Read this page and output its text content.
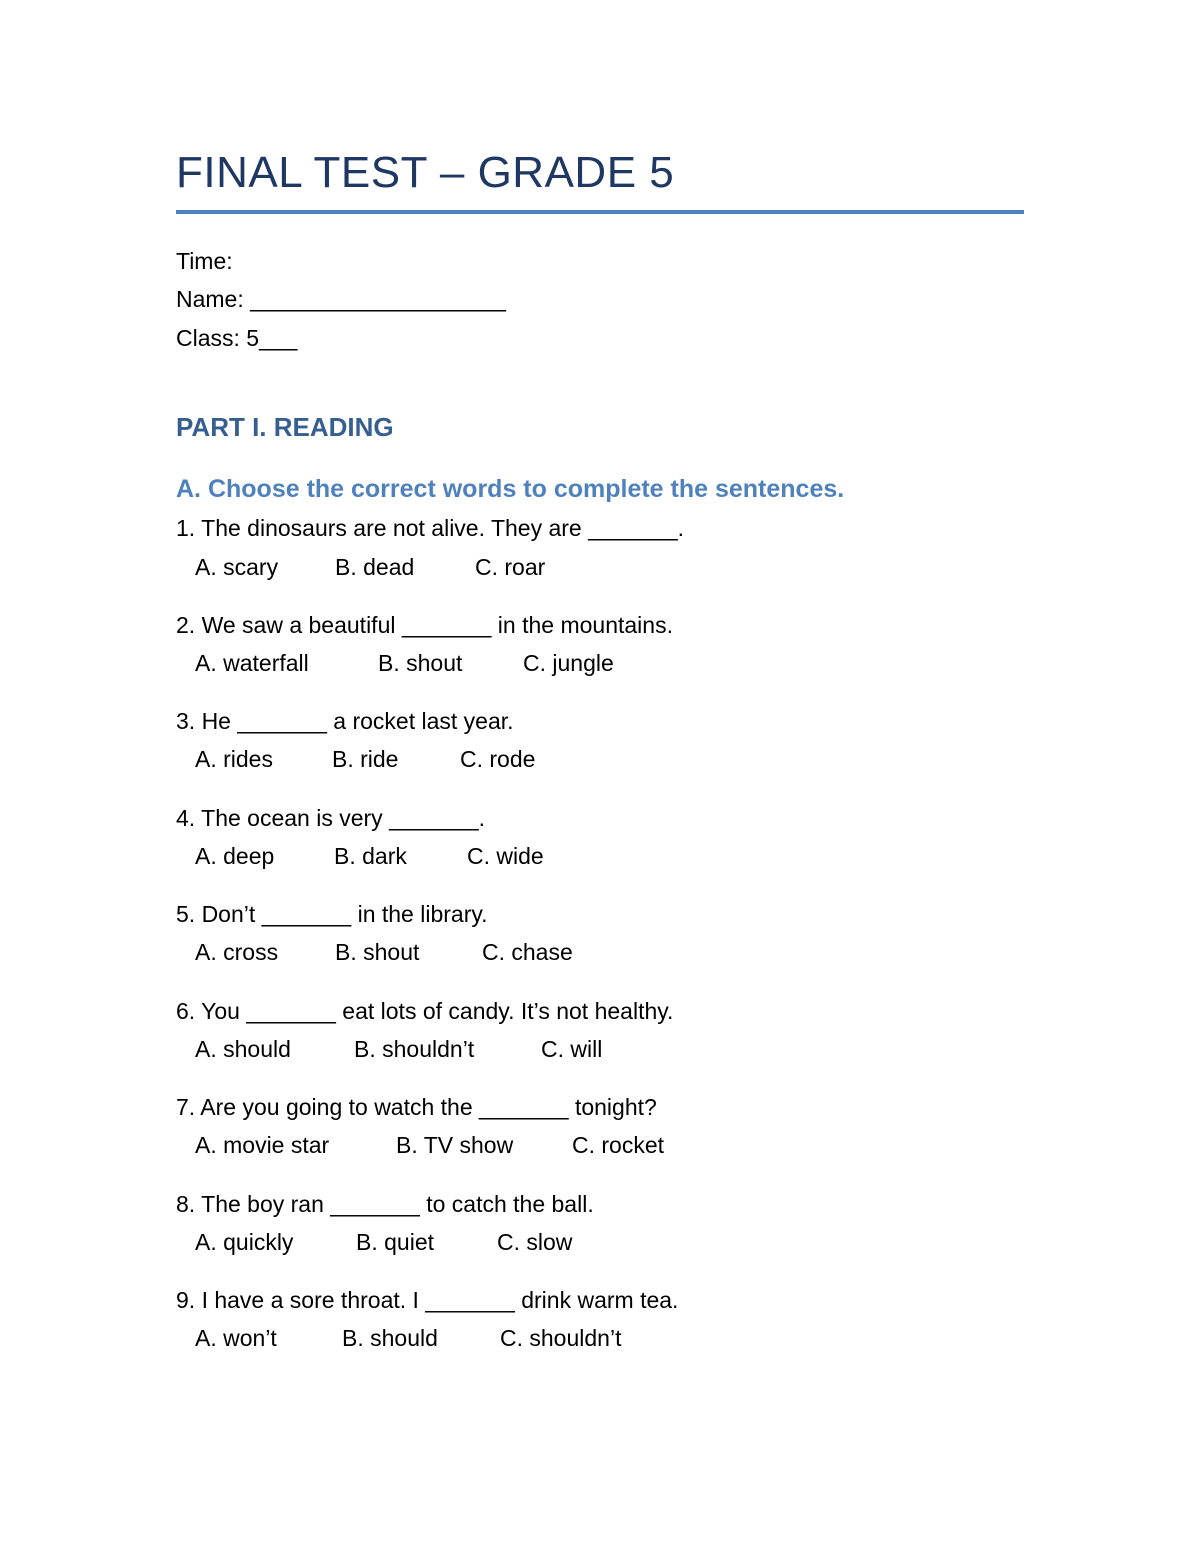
FINAL TEST – GRADE 5
Time:
Name: ____________________
Class: 5___
PART I. READING
A. Choose the correct words to complete the sentences.
1. The dinosaurs are not alive. They are _______.
A. scary B. dead	C. roar
2. We saw a beautiful _______ in the mountains.
A. waterfall	B. shout	C. jungle
3. He _______ a rocket last year.
A. rides	B. ride	C. rode
4. The ocean is very _______.
A. deep	B. dark	C. wide
5. Don’t _______ in the library.
A. cross B. shout	C. chase
6. You _______ eat lots of candy. It’s not healthy.
A. should	B. shouldn’t	C. will
7. Are you going to watch the _______ tonight?
A. movie star	B. TV show	C. rocket
8. The boy ran _______ to catch the ball.
A. quickly	B. quiet	C. slow
9. I have a sore throat. I _______ drink warm tea.
A. won’t	B. should	C. shouldn’t
